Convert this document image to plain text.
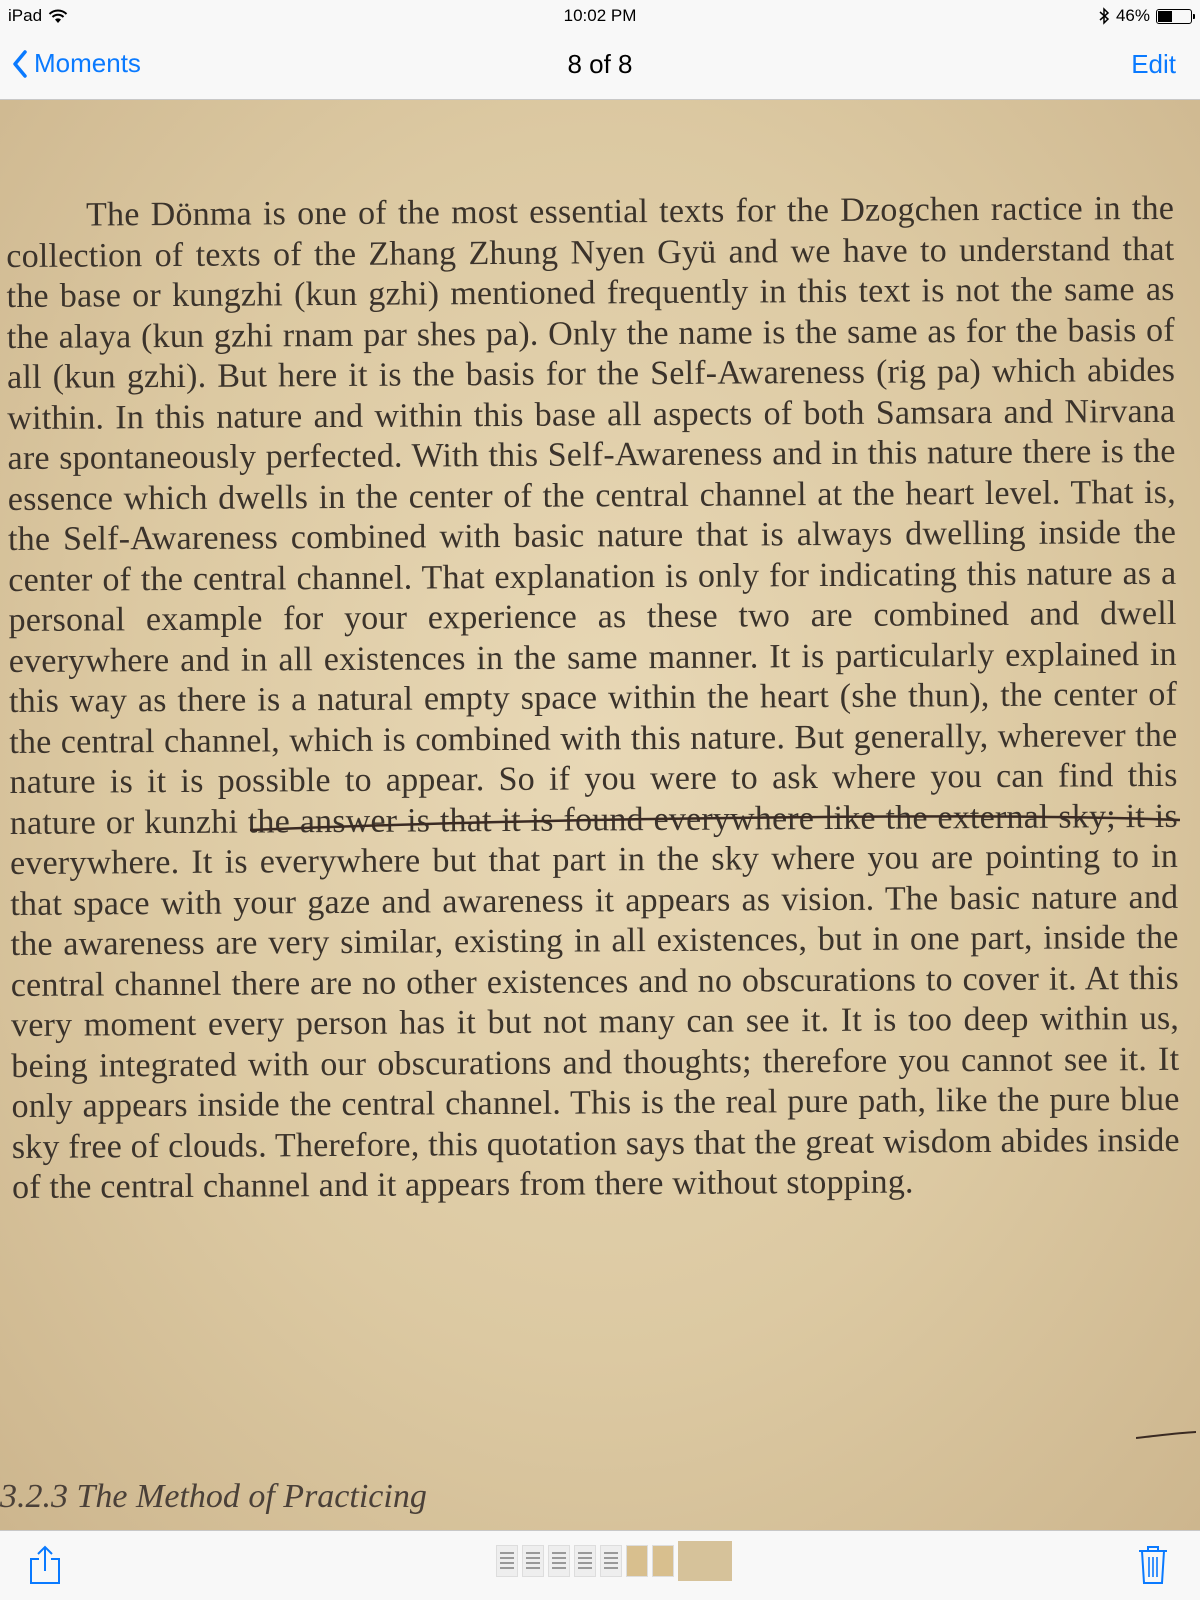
iPad	10:02 PM	46%
Moments	8 of 8	Edit

The Dönma is one of the most essential texts for the Dzogchen ractice in the collection of texts of the Zhang Zhung Nyen Gyü and we have to understand that the base or kungzhi (kun gzhi) mentioned frequently in this text is not the same as the alaya (kun gzhi rnam par shes pa). Only the name is the same as for the basis of all (kun gzhi). But here it is the basis for the Self-Awareness (rig pa) which abides within. In this nature and within this base all aspects of both Samsara and Nirvana are spontaneously perfected. With this Self-Awareness and in this nature there is the essence which dwells in the center of the central channel at the heart level. That is, the Self-Awareness combined with basic nature that is always dwelling inside the center of the central channel. That explanation is only for indicating this nature as a personal example for your experience as these two are combined and dwell everywhere and in all existences in the same manner. It is particularly explained in this way as there is a natural empty space within the heart (she thun), the center of the central channel, which is combined with this nature. But generally, wherever the nature is it is possible to appear. So if you were to ask where you can find this nature or kunzhi the answer is that it is found everywhere like the external sky; it is everywhere. It is everywhere but that part in the sky where you are pointing to in that space with your gaze and awareness it appears as vision. The basic nature and the awareness are very similar, existing in all existences, but in one part, inside the central channel there are no other existences and no obscurations to cover it. At this very moment every person has it but not many can see it. It is too deep within us, being integrated with our obscurations and thoughts; therefore you cannot see it. It only appears inside the central channel. This is the real pure path, like the pure blue sky free of clouds. Therefore, this quotation says that the great wisdom abides inside of the central channel and it appears from there without stopping.

3.2.3 The Method of Practicing
